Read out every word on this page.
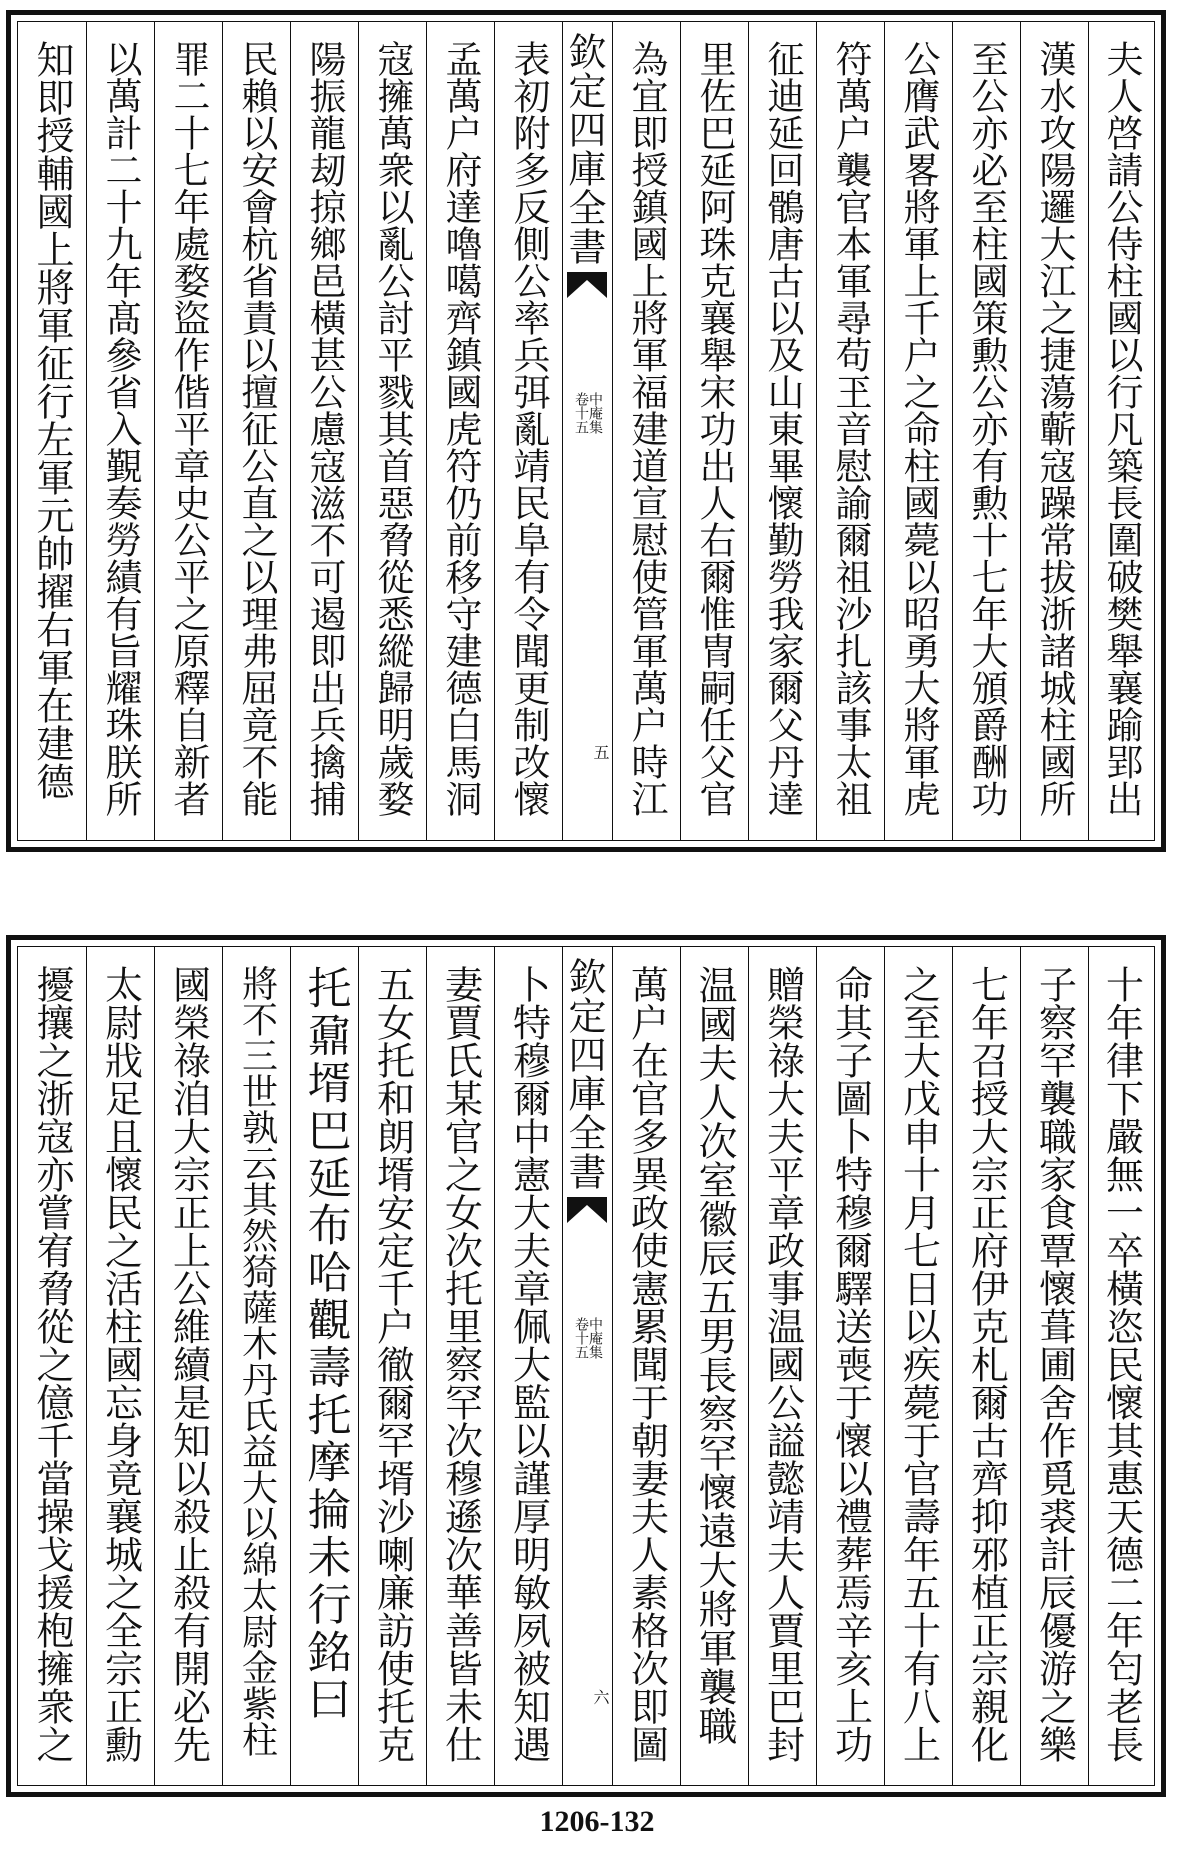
夫人啓請公侍柱國以行凡築長圍破樊舉襄踰郢出
漢水攻陽邏大江之捷蕩蘄寇躁常拔浙諸城柱國所
至公亦必至柱國策勲公亦有勲十七年大頒爵酬功
公膺武畧將軍上千户之命柱國薨以昭勇大將軍虎
符萬户襲官本軍尋苟玊音慰諭爾祖沙扎該事太祖
征迪延回鶻唐古以及山東畢懷勤勞我家爾父丹達
里佐巴延阿珠克襄舉宋功出人右爾惟冑嗣任父官
為宜即授鎮國上將軍福建道宣慰使管軍萬户時江
欽定四庫全書
中庵集
卷十五
五
表初附多反側公率兵弭亂靖民阜有令聞更制改懷
孟萬户府達嚕噶齊鎮國虎符仍前移守建德白馬洞
寇擁萬衆以亂公討平戮其首惡脅從悉縱歸明歲婺
陽振龍刼掠鄉邑橫甚公慮寇滋不可遏即出兵擒捕
民賴以安會杭省責以擅征公直之以理弗屈竟不能
罪二十七年處婺盜作偕平章史公平之原釋自新者
以萬計二十九年髙參省入覲奏勞績有旨耀珠朕所
知即授輔國上將軍征行左軍元帥擢右軍在建德
十年律下嚴無一卒橫恣民懷其惠天德二年匄老長
子察罕襲職家食覃懷葺圃舍作覓裘計辰優游之樂
七年召授大宗正府伊克札爾古齊抑邪植正宗親化
之至大戊申十月七日以疾薨于官壽年五十有八上
命其子圖卜特穆爾驛送喪于懷以禮葬焉辛亥上功
贈榮祿大夫平章政事温國公謚懿靖夫人賈里巴封
温國夫人次室徽辰五男長察罕懷遠大將軍襲職
萬户在官多異政使憲累聞于朝妻夫人素格次即圖
欽定四庫全書
中庵集
卷十五
六
卜特穆爾中憲大夫章佩大監以謹厚明敏夙被知遇
妻賈氏某官之女次托里察罕次穆遜次華善皆未仕
五女托和朗壻安定千户徹爾罕壻沙喇廉訪使托克
托鼐壻巴延布哈觀壽托摩掄未行銘曰
將不三世孰云其然猗薩木丹氏益大以綿太尉金紫柱
國榮祿洎大宗正上公維續是知以殺止殺有開必先
太尉戕足且懷民之活柱國忘身竟襄城之全宗正勳
擾攘之浙寇亦嘗宥脅從之億千當操戈援枹擁衆之
1206-132
